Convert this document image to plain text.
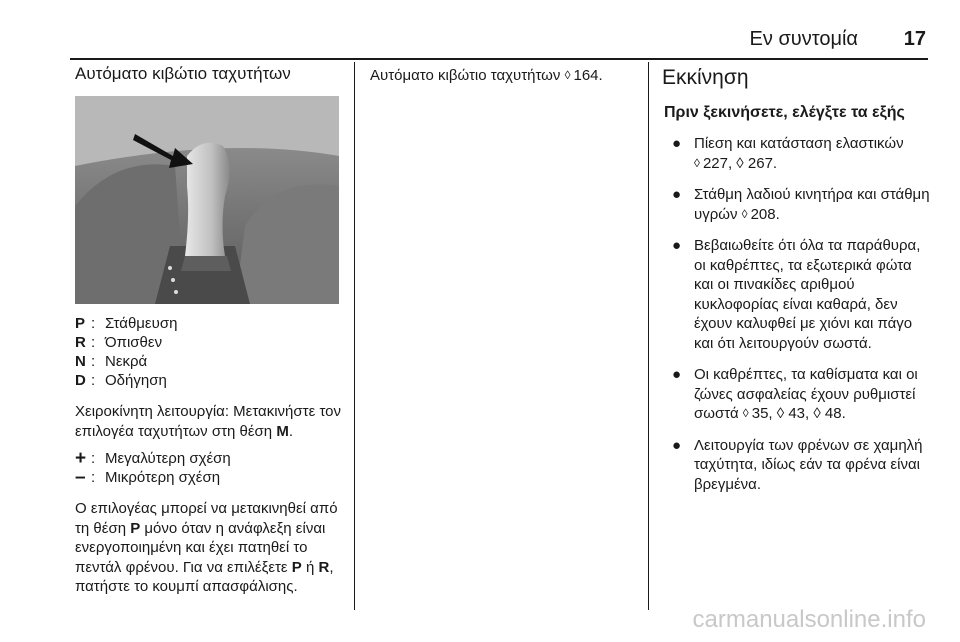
Εν συντομία 17
Αυτόματο κιβώτιο ταχυτήτων
P : Στάθμευση
R : Όπισθεν
N : Νεκρά
D : Οδήγηση

Χειροκίνητη λειτουργία: Μετακινήστε τον επιλογέα ταχυτήτων στη θέση M.

+ : Μεγαλύτερη σχέση
– : Μικρότερη σχέση

Ο επιλογέας μπορεί να μετακινηθεί από τη θέση P μόνο όταν η ανάφλεξη είναι ενεργοποιημένη και έχει πατηθεί το πεντάλ φρένου. Για να επιλέξετε P ή R, πατήστε το κουμπί απασφάλισης.

Αυτόματο κιβώτιο ταχυτήτων ◊ 164.	Εκκίνηση
Πριν ξεκινήσετε, ελέγξτε τα εξής
● Πίεση και κατάσταση ελαστικών
◊ 227, ◊ 267.
● Στάθμη λαδιού κινητήρα και στάθμη υγρών ◊ 208.
● Βεβαιωθείτε ότι όλα τα παράθυρα, οι καθρέπτες, τα εξωτερικά φώτα και οι πινακίδες αριθμού κυκλοφορίας είναι καθαρά, δεν έχουν καλυφθεί με χιόνι και πάγο και ότι λειτουργούν σωστά.
● Οι καθρέπτες, τα καθίσματα και οι ζώνες ασφαλείας έχουν ρυθμιστεί σωστά ◊ 35, ◊ 43, ◊ 48.
● Λειτουργία των φρένων σε χαμηλή ταχύτητα, ιδίως εάν τα φρένα είναι βρεγμένα.
carmanualsonline.info
